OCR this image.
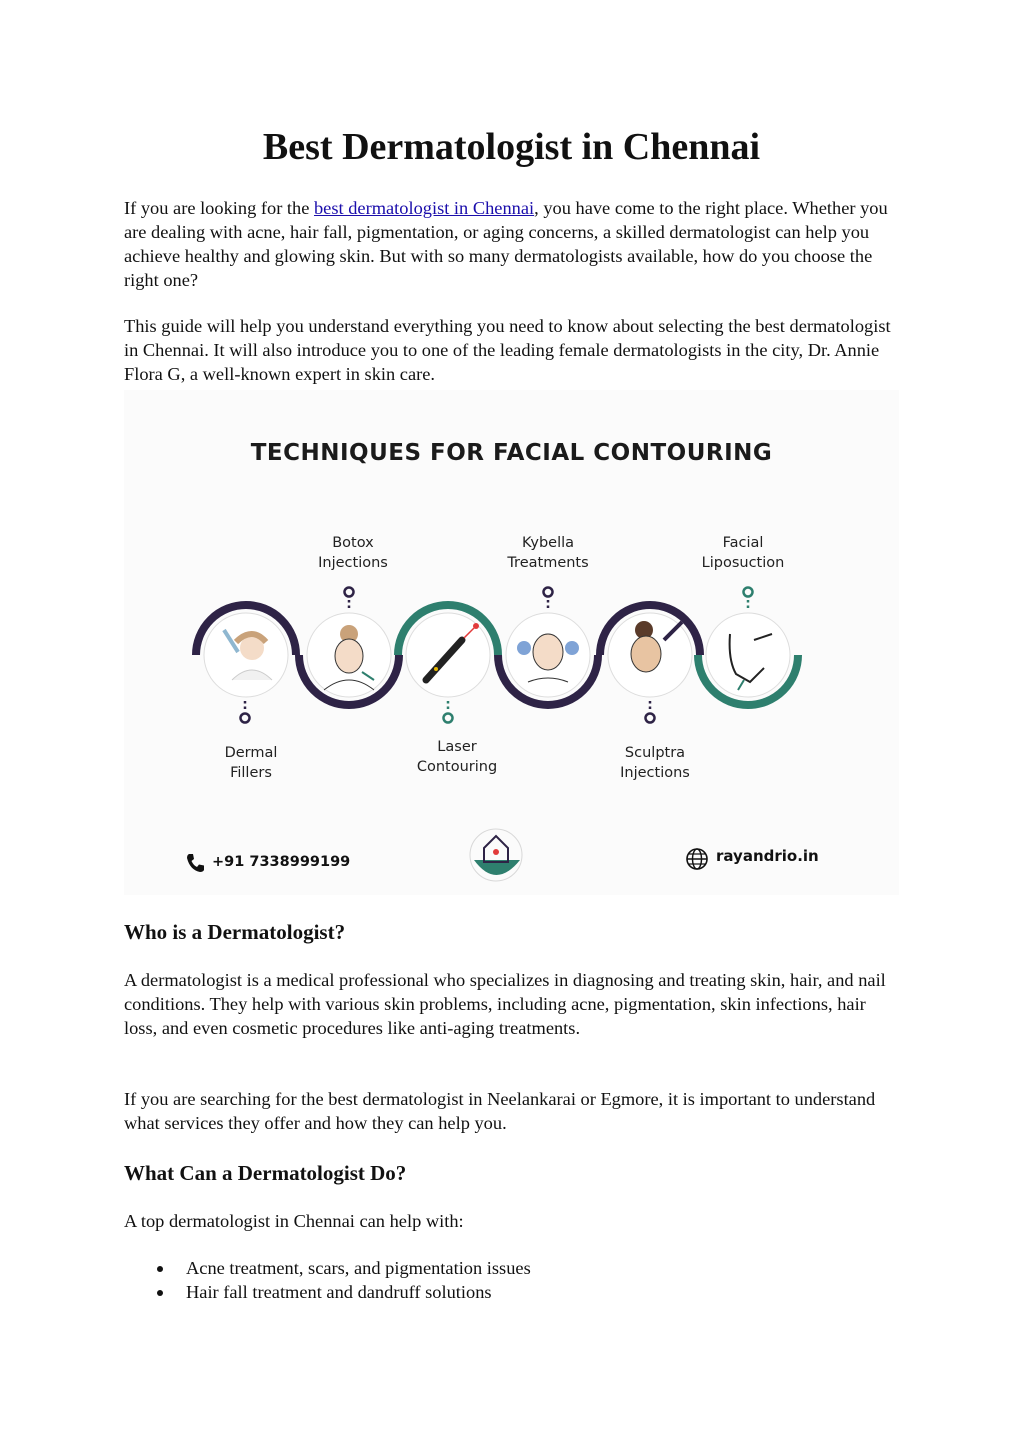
Best Dermatologist in Chennai

If you are looking for the best dermatologist in Chennai, you have come to the right place. Whether you are dealing with acne, hair fall, pigmentation, or aging concerns, a skilled dermatologist can help you achieve healthy and glowing skin. But with so many dermatologists available, how do you choose the right one?

This guide will help you understand everything you need to know about selecting the best dermatologist in Chennai. It will also introduce you to one of the leading female dermatologists in the city, Dr. Annie Flora G, a well-known expert in skin care.

TECHNIQUES FOR FACIAL CONTOURING
Botox
Injections
Kybella
Treatments
Facial
Liposuction
Dermal
Fillers
Laser
Contouring
Sculptra
Injections
+91 7338999199	rayandrio.in
Who is a Dermatologist?

A dermatologist is a medical professional who specializes in diagnosing and treating skin, hair, and nail conditions. They help with various skin problems, including acne, pigmentation, skin infections, hair loss, and even cosmetic procedures like anti-aging treatments.

If you are searching for the best dermatologist in Neelankarai or Egmore, it is important to understand what services they offer and how they can help you.

What Can a Dermatologist Do?

A top dermatologist in Chennai can help with:

Acne treatment, scars, and pigmentation issues
Hair fall treatment and dandruff solutions
